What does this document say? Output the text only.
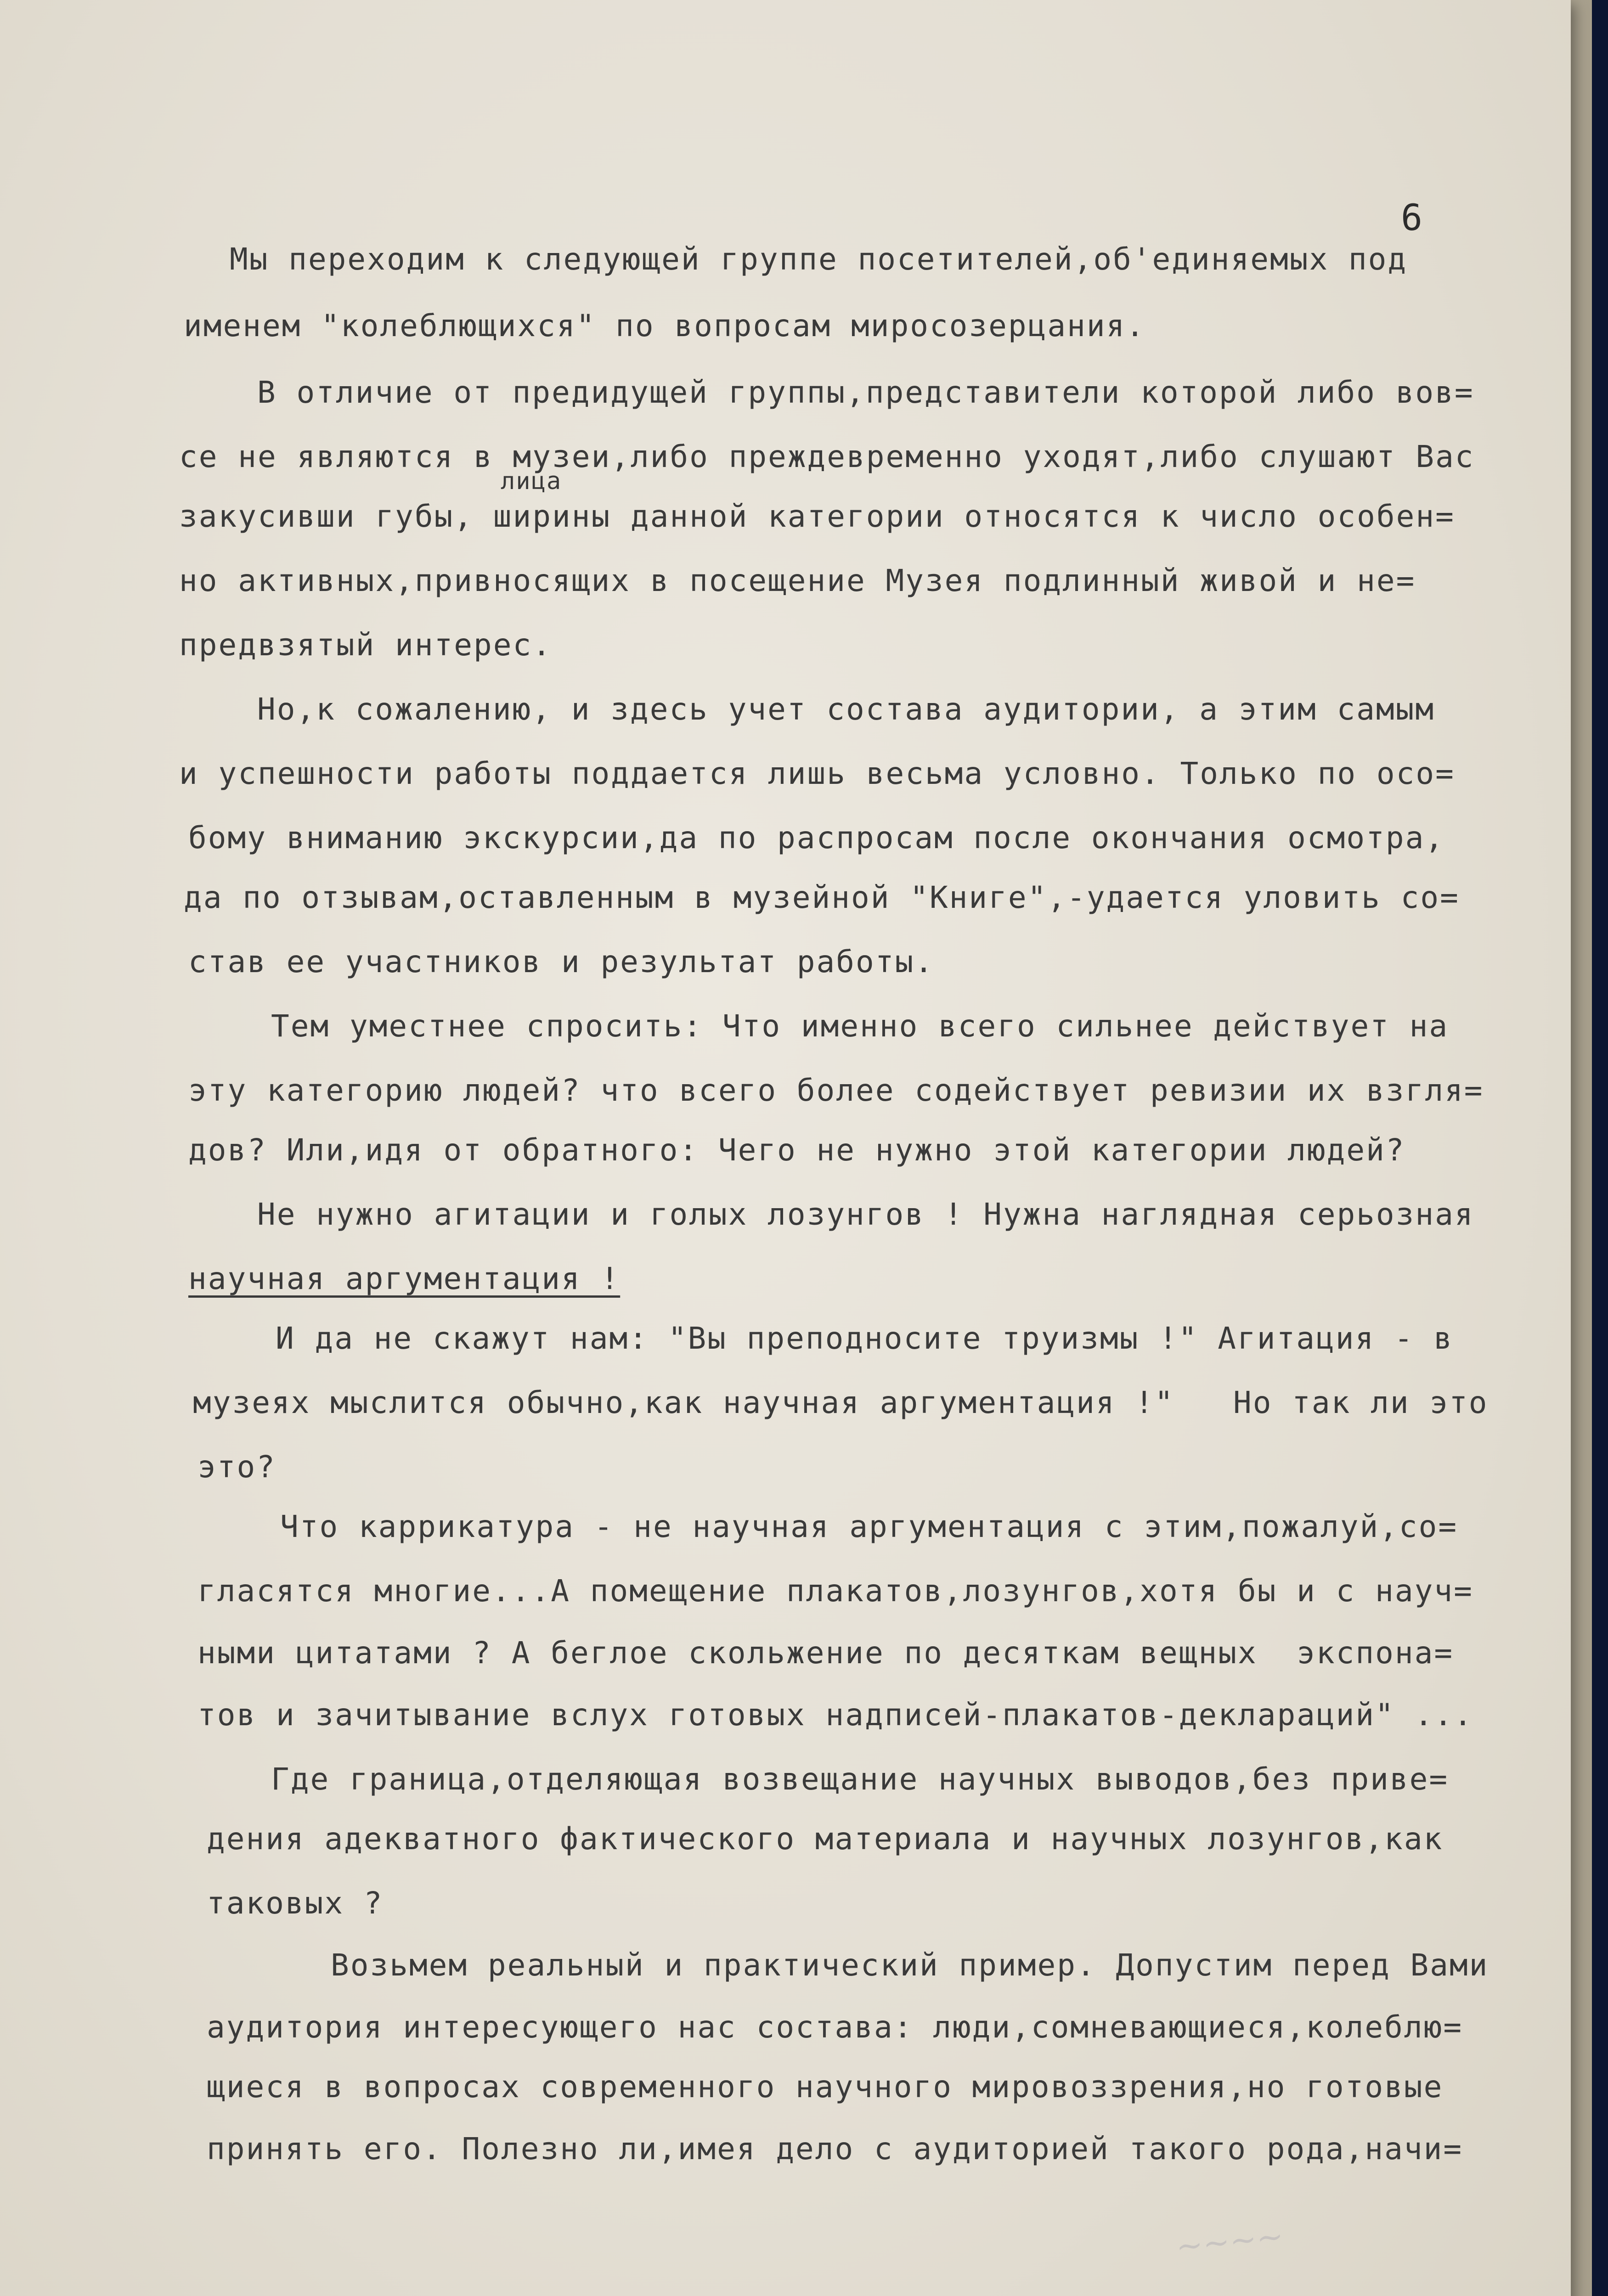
6
Мы переходим к следующей группе посетителей,об'единяемых под
именем "колеблющихся" по вопросам миросозерцания.
В отличие от предидущей группы,представители которой либо вов=
се не являются в музеи,либо преждевременно уходят,либо слушают Вас
лица
закусивши губы, ширины данной категории относятся к число особен=
но активных,привносящих в посещение Музея подлинный живой и не=
предвзятый интерес.
Но,к сожалению, и здесь учет состава аудитории, а этим самым
и успешности работы поддается лишь весьма условно. Только по осо=
бому вниманию экскурсии,да по распросам после окончания осмотра,
да по отзывам,оставленным в музейной "Книге",-удается уловить со=
став ее участников и результат работы.
Тем уместнее спросить: Что именно всего сильнее действует на
эту категорию людей? что всего более содействует ревизии их взгля=
дов? Или,идя от обратного: Чего не нужно этой категории людей?
Не нужно агитации и голых лозунгов ! Нужна наглядная серьозная
научная аргументация !
И да не скажут нам: "Вы преподносите труизмы !" Агитация - в
музеях мыслится обычно,как научная аргументация !"   Но так ли это
это?
Что каррикатура - не научная аргументация с этим,пожалуй,со=
гласятся многие...А помещение плакатов,лозунгов,хотя бы и с науч=
ными цитатами ? А беглое скольжение по десяткам вещных  экспона=
тов и зачитывание вслух готовых надписей-плакатов-деклараций" ...
Где граница,отделяющая возвещание научных выводов,без приве=
дения адекватного фактического материала и научных лозунгов,как
таковых ?
Возьмем реальный и практический пример. Допустим перед Вами
аудитория интересующего нас состава: люди,сомневающиеся,колеблю=
щиеся в вопросах современного научного мировоззрения,но готовые
принять его. Полезно ли,имея дело с аудиторией такого рода,начи=
~~~~
